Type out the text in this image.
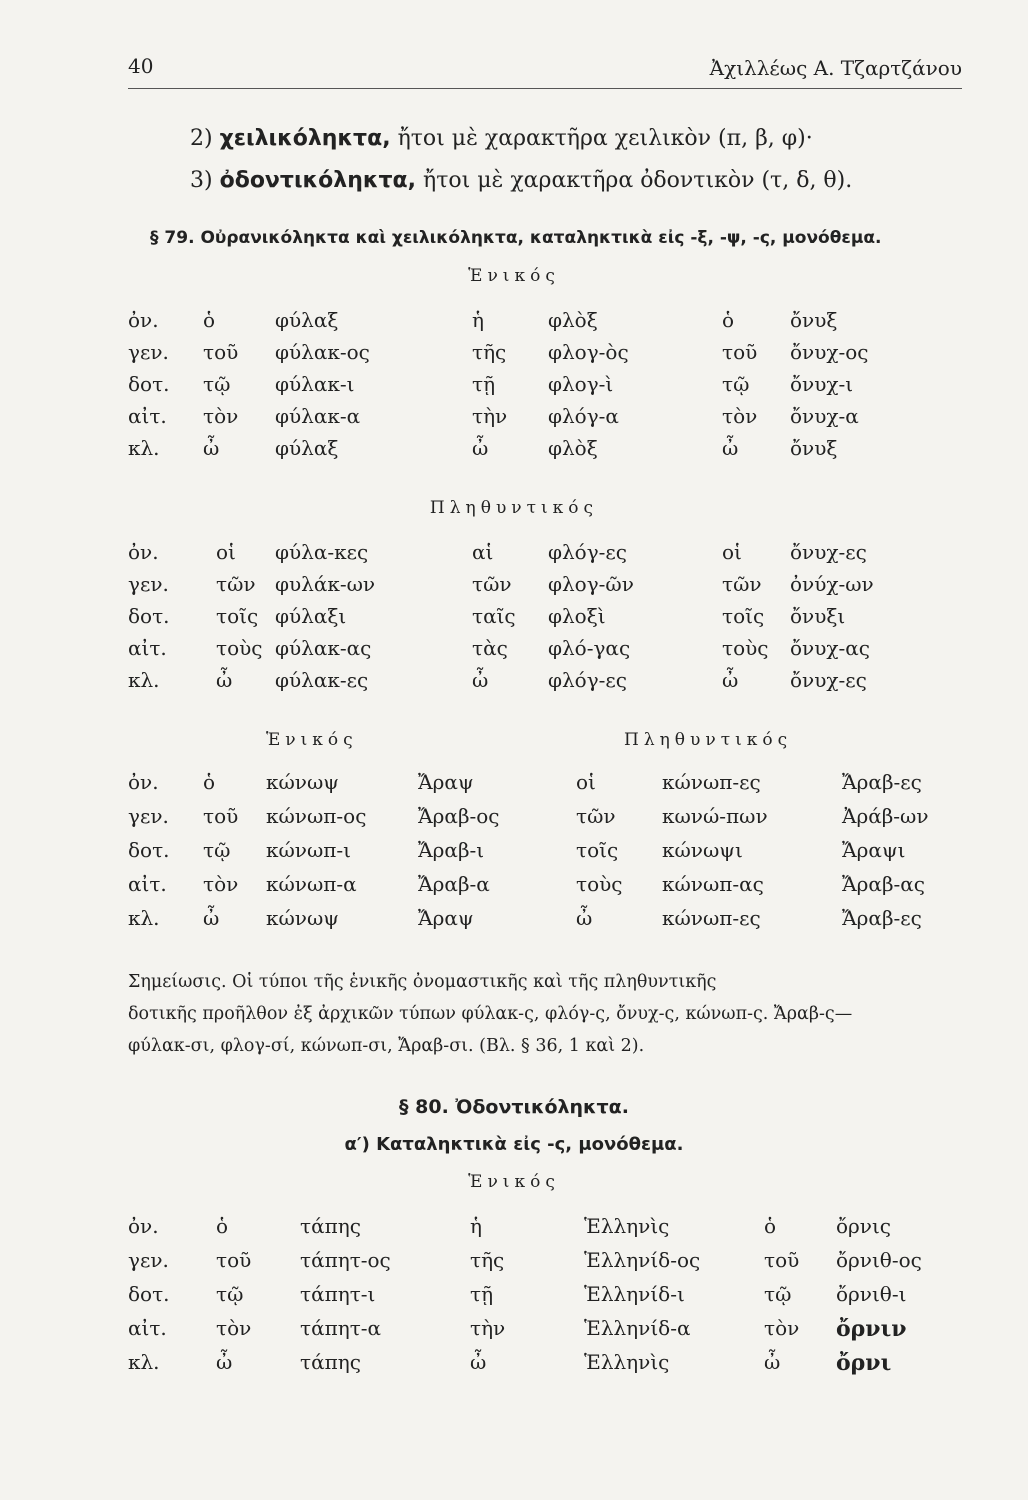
40	Ἀχιλλέως Α. Τζαρτζάνου
2) χειλικόληκτα, ἤτοι μὲ χαρακτῆρα χειλικὸν (π, β, φ)·
3) ὀδοντικόληκτα, ἤτοι μὲ χαρακτῆρα ὀδοντικὸν (τ, δ, θ).
§ 79. Οὐρανικόληκτα καὶ χειλικόληκτα, καταληκτικὰ εἰς -ξ, -ψ, -ς, μονόθεμα.
Ἑνικός
ὀν. ὁ	φύλαξ	ἡ	φλὸξ	ὁ	ὄνυξ
γεν. τοῦ φύλακ-ος	τῆς φλογ-ὸς	τοῦ ὄνυχ-ος
δοτ. τῷ φύλακ-ι	τῇ	φλογ-ὶ	τῷ ὄνυχ-ι
αἰτ. τὸν φύλακ-α	τὴν φλόγ-α	τὸν ὄνυχ-α
κλ. ὦ	φύλαξ	ὦ	φλὸξ	ὦ	ὄνυξ
Πληθυντικός
ὀν.	οἱ φύλα-κες	αἱ	φλόγ-ες	οἱ ὄνυχ-ες
γεν. τῶν φυλάκ-ων	τῶν φλογ-ῶν	τῶν ὀνύχ-ων
δοτ. τοῖς φύλαξι	ταῖς φλοξὶ	τοῖς ὄνυξι
αἰτ. τοὺς φύλακ-ας	τὰς φλό-γας	τοὺς ὄνυχ-ας
κλ.	ὦ φύλακ-ες	ὦ	φλόγ-ες	ὦ	ὄνυχ-ες
Ἑνικός	Πληθυντικός
ὀν. ὁ	κώνωψ	Ἄραψ	οἱ	κώνωπ-ες	Ἄραβ-ες
γεν. τοῦ κώνωπ-ος	Ἄραβ-ος	τῶν κωνώ-πων	Ἀράβ-ων
δοτ. τῷ κώνωπ-ι	Ἄραβ-ι	τοῖς κώνωψι	Ἄραψι
αἰτ. τὸν κώνωπ-α	Ἄραβ-α	τοὺς κώνωπ-ας	Ἄραβ-ας
κλ. ὦ κώνωψ	Ἄραψ	ὦ	κώνωπ-ες	Ἄραβ-ες
Σημείωσις. Οἱ τύποι τῆς ἑνικῆς ὀνομαστικῆς καὶ τῆς πληθυντικῆς
δοτικῆς προῆλθον ἐξ ἀρχικῶν τύπων φύλακ-ς, φλόγ-ς, ὄνυχ-ς, κώνωπ-ς. Ἄραβ-ς—
φύλακ-σι, φλογ-σί, κώνωπ-σι, Ἄραβ-σι. (Βλ. § 36, 1 καὶ 2).
§ 80. Ὀδοντικόληκτα.
α′) Καταληκτικὰ εἰς -ς, μονόθεμα.
Ἑνικός
ὀν.	ὁ	τάπης	ἡ	Ἑλληνὶς	ὁ	ὄρνις
γεν. τοῦ τάπητ-ος	τῆς	Ἑλληνίδ-ος	τοῦ ὄρνιθ-ος
δοτ. τῷ	τάπητ-ι	τῇ	Ἑλληνίδ-ι	τῷ ὄρνιθ-ι
αἰτ. τὸν τάπητ-α	τὴν	Ἑλληνίδ-α	τὸν ὄρνιν
κλ.	ὦ	τάπης	ὦ	Ἑλληνὶς	ὦ	ὄρνι
